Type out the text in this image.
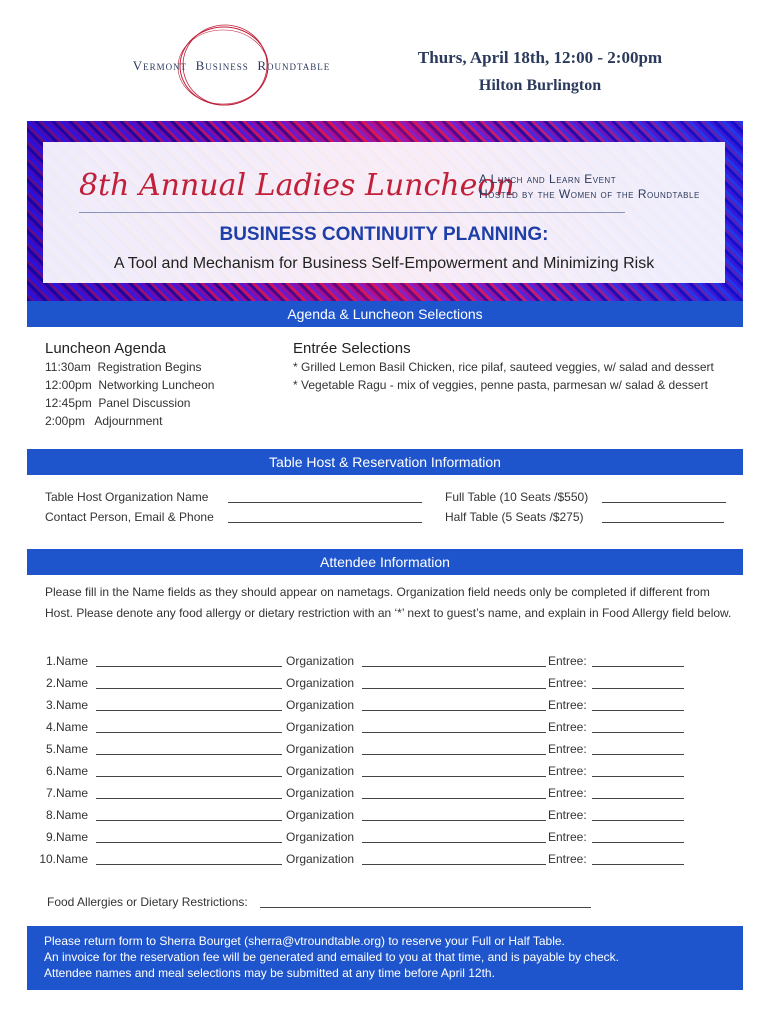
Vermont Business Roundtable	Thurs, April 18th, 12:00 - 2:00pm
Hilton Burlington
8th Annual Ladies Luncheon
A Lunch and Learn Event
Hosted by the Women of the Roundtable
BUSINESS CONTINUITY PLANNING:
A Tool and Mechanism for Business Self-Empowerment and Minimizing Risk
Agenda & Luncheon Selections
Luncheon Agenda
11:30am Registration Begins
12:00pm Networking Luncheon
12:45pm Panel Discussion
2:00pm Adjournment
Entrée Selections
* Grilled Lemon Basil Chicken, rice pilaf, sauteed veggies, w/ salad and dessert
* Vegetable Ragu - mix of veggies, penne pasta, parmesan w/ salad & dessert
Table Host & Reservation Information
Table Host Organization Name
Contact Person, Email & Phone
Full Table (10 Seats /$550)
Half Table (5 Seats /$275)
Attendee Information
Please fill in the Name fields as they should appear on nametags. Organization field needs only be completed if different from Host. Please denote any food allergy or dietary restriction with an ‘*’ next to guest’s name, and explain in Food Allergy field below.
1. Name	Organization	Entree:
2. Name	Organization	Entree:
3. Name	Organization	Entree:
4. Name	Organization	Entree:
5. Name	Organization	Entree:
6. Name	Organization	Entree:
7. Name	Organization	Entree:
8. Name	Organization	Entree:
9. Name	Organization	Entree:
10. Name	Organization	Entree:
Food Allergies or Dietary Restrictions:
Please return form to Sherra Bourget (sherra@vtroundtable.org) to reserve your Full or Half Table.
An invoice for the reservation fee will be generated and emailed to you at that time, and is payable by check.
Attendee names and meal selections may be submitted at any time before April 12th.
